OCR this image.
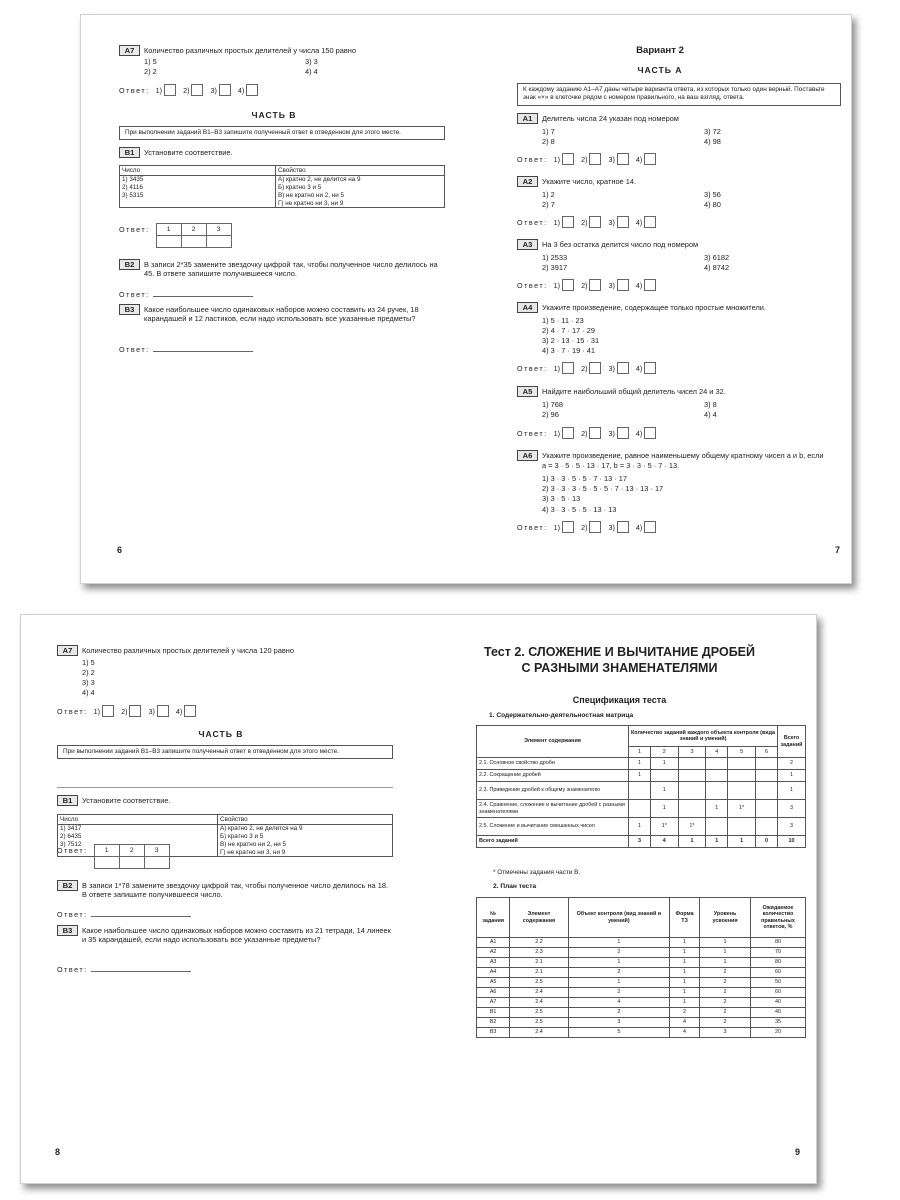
А7	Количество различных простых делителей у числа 150 равно
1) 5
2) 2
3) 3
4) 4
Ответ: 1)	2)	3)	4)
ЧАСТЬ В
При выполнении заданий В1–В3 запишите полученный ответ в отведенном для этого месте.
В1	Установите соответствие.
Число	Свойство
1) 3435	А) кратно 2, не делится на 9
2) 4116	Б) кратно 3 и 5
3) 5315	В) не кратно ни 2, ни 5
	Г) не кратно ни 3, ни 9
Ответ:	1	2	3

В2	В записи 2*35 замените звездочку цифрой так, чтобы полученное число делилось на 45. В ответе запишите получившееся число.
Ответ:
В3	Какое наибольшее число одинаковых наборов можно составить из 24 ручек, 18 карандашей и 12 ластиков, если надо использовать все указанные предметы?
Ответ:
6
Вариант 2
ЧАСТЬ А
К каждому заданию А1–А7 даны четыре варианта ответа, из которых только один верный. Поставьте знак «×» в клеточке рядом с номером правильного, на ваш взгляд, ответа.
А1	Делитель числа 24 указан под номером
1) 7
2) 8
3) 72
4) 98
Ответ: 1)	2)	3)	4)
А2	Укажите число, кратное 14.
1) 2
2) 7
3) 56
4) 80
Ответ: 1)	2)	3)	4)
А3	На 3 без остатка делится число под номером
1) 2533
2) 3917
3) 6182
4) 8742
Ответ: 1)	2)	3)	4)
А4	Укажите произведение, содержащее только простые множители.
1) 5 · 11 · 23
2) 4 · 7 · 17 · 29
3) 2 · 13 · 15 · 31
4) 3 · 7 · 19 · 41
Ответ: 1)	2)	3)	4)
А5	Найдите наибольший общий делитель чисел 24 и 32.
1) 768
2) 96
3) 8
4) 4
Ответ: 1)	2)	3)	4)
А6	Укажите произведение, равное наименьшему общему кратному чисел a и b, если
a = 3 · 5 · 5 · 13 · 17, b = 3 · 3 · 5 · 7 · 13.
1) 3 · 3 · 5 · 5 · 7 · 13 · 17
2) 3 · 3 · 3 · 5 · 5 · 5 · 7 · 13 · 13 · 17
3) 3 · 5 · 13
4) 3 · 3 · 5 · 5 · 13 · 13
Ответ: 1)	2)	3)	4)
7
А7	Количество различных простых делителей у числа 120 равно
1) 5
2) 2
3) 3
4) 4
Ответ: 1)	2)	3)	4)
ЧАСТЬ В
При выполнении заданий В1–В3 запишите полученный ответ в отведенном для этого месте.
В1	Установите соответствие.
Число	Свойство
1) 3417	А) кратно 2, не делится на 9
2) 6435	Б) кратно 3 и 5
3) 7512	В) не кратно ни 2, ни 5
	Г) не кратно ни 3, ни 9
Ответ:	1	2	3

В2	В записи 1*78 замените звездочку цифрой так, чтобы полученное число делилось на 18. В ответе запишите получившееся число.
Ответ:
В3	Какое наибольшее число одинаковых наборов можно составить из 21 тетради, 14 линеек и 35 карандашей, если надо использовать все указанные предметы?
Ответ:
8
Тест 2. СЛОЖЕНИЕ И ВЫЧИТАНИЕ ДРОБЕЙ
С РАЗНЫМИ ЗНАМЕНАТЕЛЯМИ
Спецификация теста
1. Содержательно-деятельностная матрица
Элемент содержания	Количество заданий каждого объекта контроля (вида знаний и умений)						Всего заданий
	1	2	3	4	5	6	
2.1. Основное свойство дроби	1	1					2
2.2. Сокращение дробей	1						1
2.3. Приведение дробей к общему знаменателю		1					1
2.4. Сравнение, сложение и вычитание дробей с разными знаменателями		1		1	1*		3
2.5. Сложение и вычитание смешанных чисел	1	1*	1*				3
Всего заданий	3	4	1	1	1	0	10
* Отмечены задания части В.
2. План теста
№ задания	Элемент содержания	Объект контроля (вид знаний и умений)	Форма ТЗ	Уровень усвоения	Ожидаемое количество правильных ответов, %
А1	2.2	1	1	1	80
А2	2.3	2	1	1	70
А3	2.1	1	1	1	80
А4	2.1	2	1	2	60
А5	2.5	1	1	2	50
А6	2.4	2	1	2	60
А7	2.4	4	1	2	40
В1	2.5	2	2	2	40
В2	2.5	3	4	2	35
В3	2.4	5	4	3	20
9
